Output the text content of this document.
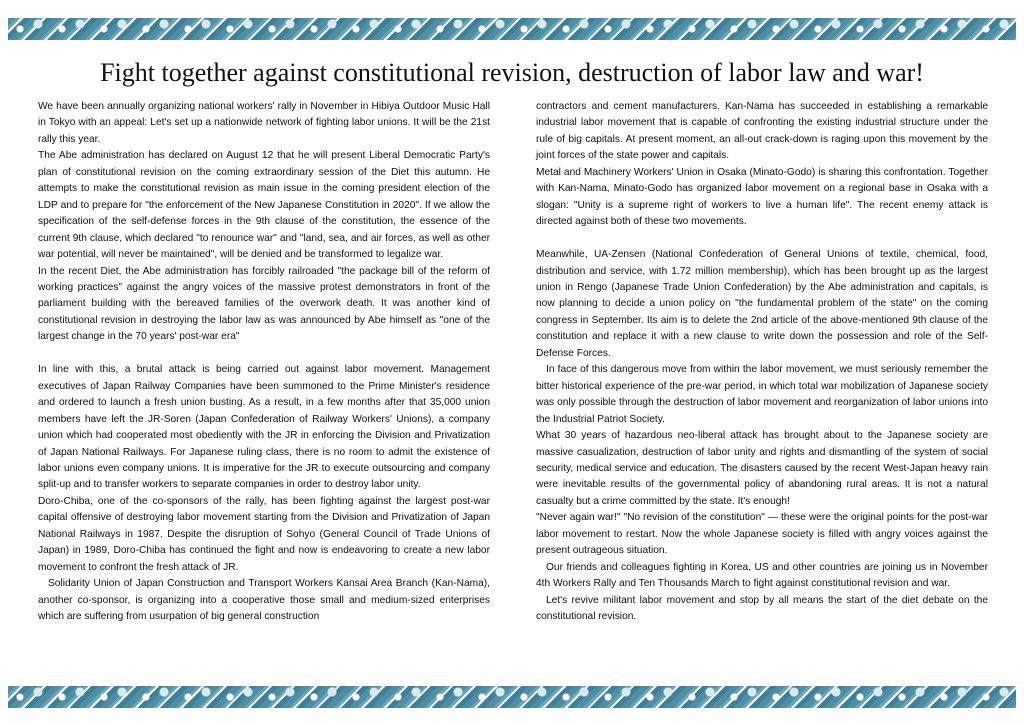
Fight together against constitutional revision, destruction of labor law and war!

We have been annually organizing national workers' rally in November in Hibiya Outdoor Music Hall in Tokyo with an appeal: Let's set up a nationwide network of fighting labor unions. It will be the 21st rally this year.

The Abe administration has declared on August 12 that he will present Liberal Democratic Party's plan of constitutional revision on the coming extraordinary session of the Diet this autumn. He attempts to make the constitutional revision as main issue in the coming president election of the LDP and to prepare for "the enforcement of the New Japanese Constitution in 2020". If we allow the specification of the self-defense forces in the 9th clause of the constitution, the essence of the current 9th clause, which declared "to renounce war" and "land, sea, and air forces, as well as other war potential, will never be maintained", will be denied and be transformed to legalize war.

In the recent Diet, the Abe administration has forcibly railroaded "the package bill of the reform of working practices" against the angry voices of the massive protest demonstrators in front of the parliament building with the bereaved families of the overwork death. It was another kind of constitutional revision in destroying the labor law as was announced by Abe himself as "one of the largest change in the 70 years' post-war era"

In line with this, a brutal attack is being carried out against labor movement. Management executives of Japan Railway Companies have been summoned to the Prime Minister's residence and ordered to launch a fresh union busting. As a result, in a few months after that 35,000 union members have left the JR-Soren (Japan Confederation of Railway Workers' Unions), a company union which had cooperated most obediently with the JR in enforcing the Division and Privatization of Japan National Railways. For Japanese ruling class, there is no room to admit the existence of labor unions even company unions. It is imperative for the JR to execute outsourcing and company split-up and to transfer workers to separate companies in order to destroy labor unity.

Doro-Chiba, one of the co-sponsors of the rally, has been fighting against the largest post-war capital offensive of destroying labor movement starting from the Division and Privatization of Japan National Railways in 1987. Despite the disruption of Sohyo (General Council of Trade Unions of Japan) in 1989, Doro-Chiba has continued the fight and now is endeavoring to create a new labor movement to confront the fresh attack of JR.

Solidarity Union of Japan Construction and Transport Workers Kansai Area Branch (Kan-Nama), another co-sponsor, is organizing into a cooperative those small and medium-sized enterprises which are suffering from usurpation of big general construction

contractors and cement manufacturers. Kan-Nama has succeeded in establishing a remarkable industrial labor movement that is capable of confronting the existing industrial structure under the rule of big capitals. At present moment, an all-out crack-down is raging upon this movement by the joint forces of the state power and capitals.

Metal and Machinery Workers' Union in Osaka (Minato-Godo) is sharing this confrontation. Together with Kan-Nama, Minato-Godo has organized labor movement on a regional base in Osaka with a slogan: "Unity is a supreme right of workers to live a human life". The recent enemy attack is directed against both of these two movements.

Meanwhile, UA-Zensen (National Confederation of General Unions of textile, chemical, food, distribution and service, with 1.72 million membership), which has been brought up as the largest union in Rengo (Japanese Trade Union Confederation) by the Abe administration and capitals, is now planning to decide a union policy on "the fundamental problem of the state" on the coming congress in September. Its aim is to delete the 2nd article of the above-mentioned 9th clause of the constitution and replace it with a new clause to write down the possession and role of the Self-Defense Forces.

In face of this dangerous move from within the labor movement, we must seriously remember the bitter historical experience of the pre-war period, in which total war mobilization of Japanese society was only possible through the destruction of labor movement and reorganization of labor unions into the Industrial Patriot Society.

What 30 years of hazardous neo-liberal attack has brought about to the Japanese society are massive casualization, destruction of labor unity and rights and dismantling of the system of social security, medical service and education. The disasters caused by the recent West-Japan heavy rain were inevitable results of the governmental policy of abandoning rural areas. It is not a natural casualty but a crime committed by the state. It's enough!

"Never again war!" "No revision of the constitution" — these were the original points for the post-war labor movement to restart. Now the whole Japanese society is filled with angry voices against the present outrageous situation.

Our friends and colleagues fighting in Korea, US and other countries are joining us in November 4th Workers Rally and Ten Thousands March to fight against constitutional revision and war.

Let's revive militant labor movement and stop by all means the start of the diet debate on the constitutional revision.
